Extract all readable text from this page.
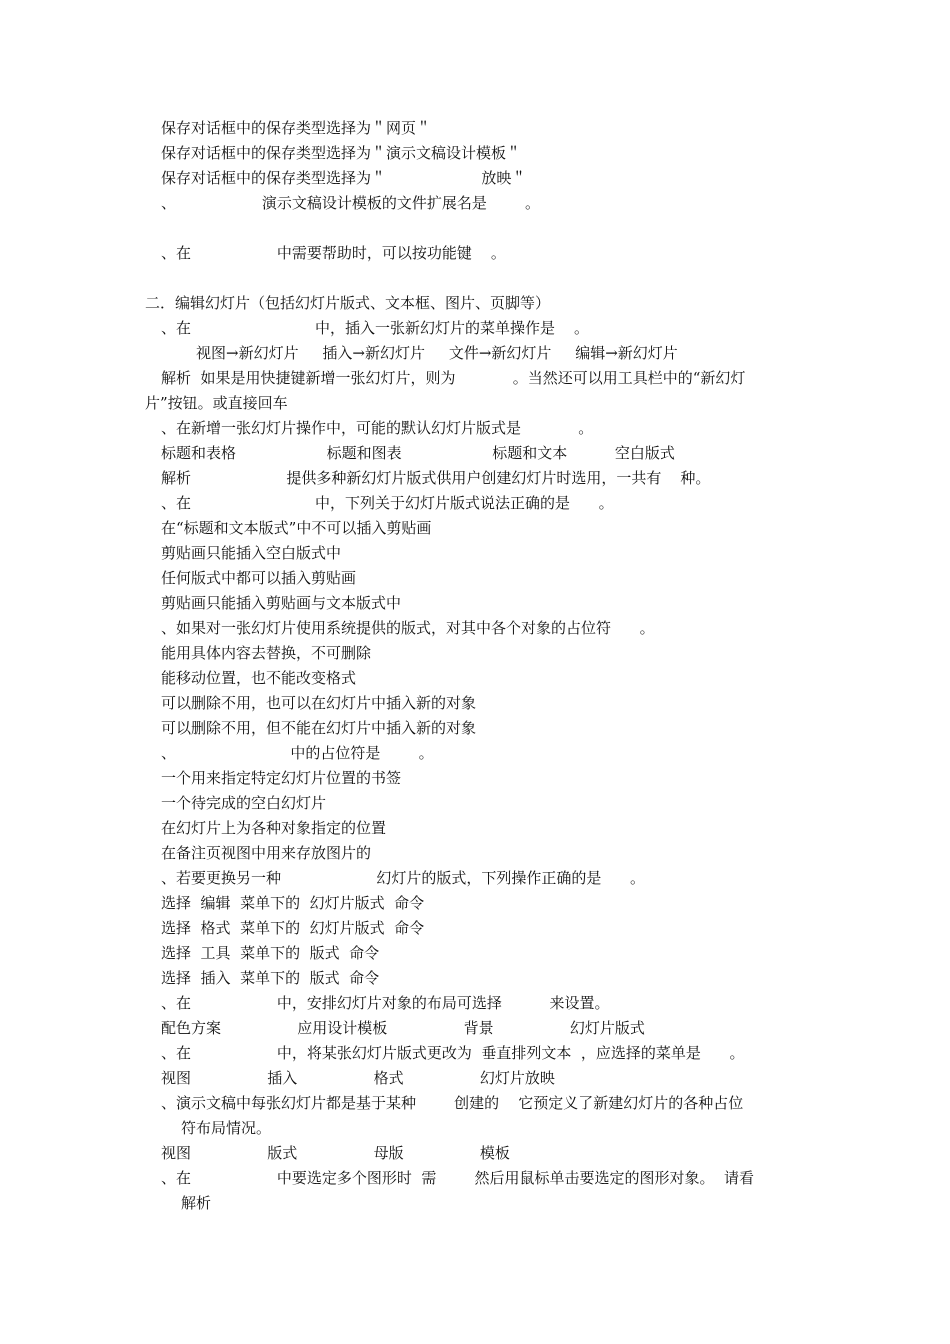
保存对话框中的保存类型选择为＂网页＂
保存对话框中的保存类型选择为＂演示文稿设计模板＂
保存对话框中的保存类型选择为＂                    放映＂
、                  演示文稿设计模板的文件扩展名是        。
、在                  中需要帮助时，可以按功能键    。
二．编辑幻灯片（包括幻灯片版式、文本框、图片、页脚等）
、在                          中，插入一张新幻灯片的菜单操作是    。
视图→新幻灯片     插入→新幻灯片     文件→新幻灯片     编辑→新幻灯片
解析  如果是用快捷键新增一张幻灯片，则为            。当然还可以用工具栏中的“新幻灯
片”按钮。或直接回车
、在新增一张幻灯片操作中，可能的默认幻灯片版式是            。
标题和表格                   标题和图表                   标题和文本          空白版式
解析                    提供多种新幻灯片版式供用户创建幻灯片时选用，一共有    种。
、在                          中，下列关于幻灯片版式说法正确的是      。
在“标题和文本版式”中不可以插入剪贴画
剪贴画只能插入空白版式中
任何版式中都可以插入剪贴画
剪贴画只能插入剪贴画与文本版式中
、如果对一张幻灯片使用系统提供的版式，对其中各个对象的占位符      。
能用具体内容去替换，不可删除
能移动位置，也不能改变格式
可以删除不用，也可以在幻灯片中插入新的对象
可以删除不用，但不能在幻灯片中插入新的对象
、                        中的占位符是        。
一个用来指定特定幻灯片位置的书签
一个待完成的空白幻灯片
在幻灯片上为各种对象指定的位置
在备注页视图中用来存放图片的
、若要更换另一种                    幻灯片的版式，下列操作正确的是      。
选择  编辑  菜单下的  幻灯片版式  命令
选择  格式  菜单下的  幻灯片版式  命令
选择  工具  菜单下的  版式  命令
选择  插入  菜单下的  版式  命令
、在                  中，安排幻灯片对象的布局可选择          来设置。
配色方案                应用设计模板                背景                幻灯片版式
、在                  中，将某张幻灯片版式更改为  垂直排列文本  ，应选择的菜单是      。
视图                插入                格式                幻灯片放映
、演示文稿中每张幻灯片都是基于某种        创建的    它预定义了新建幻灯片的各种占位
符布局情况。
视图                版式                母版                模板
、在                  中要选定多个图形时  需        然后用鼠标单击要选定的图形对象。  请看
解析
